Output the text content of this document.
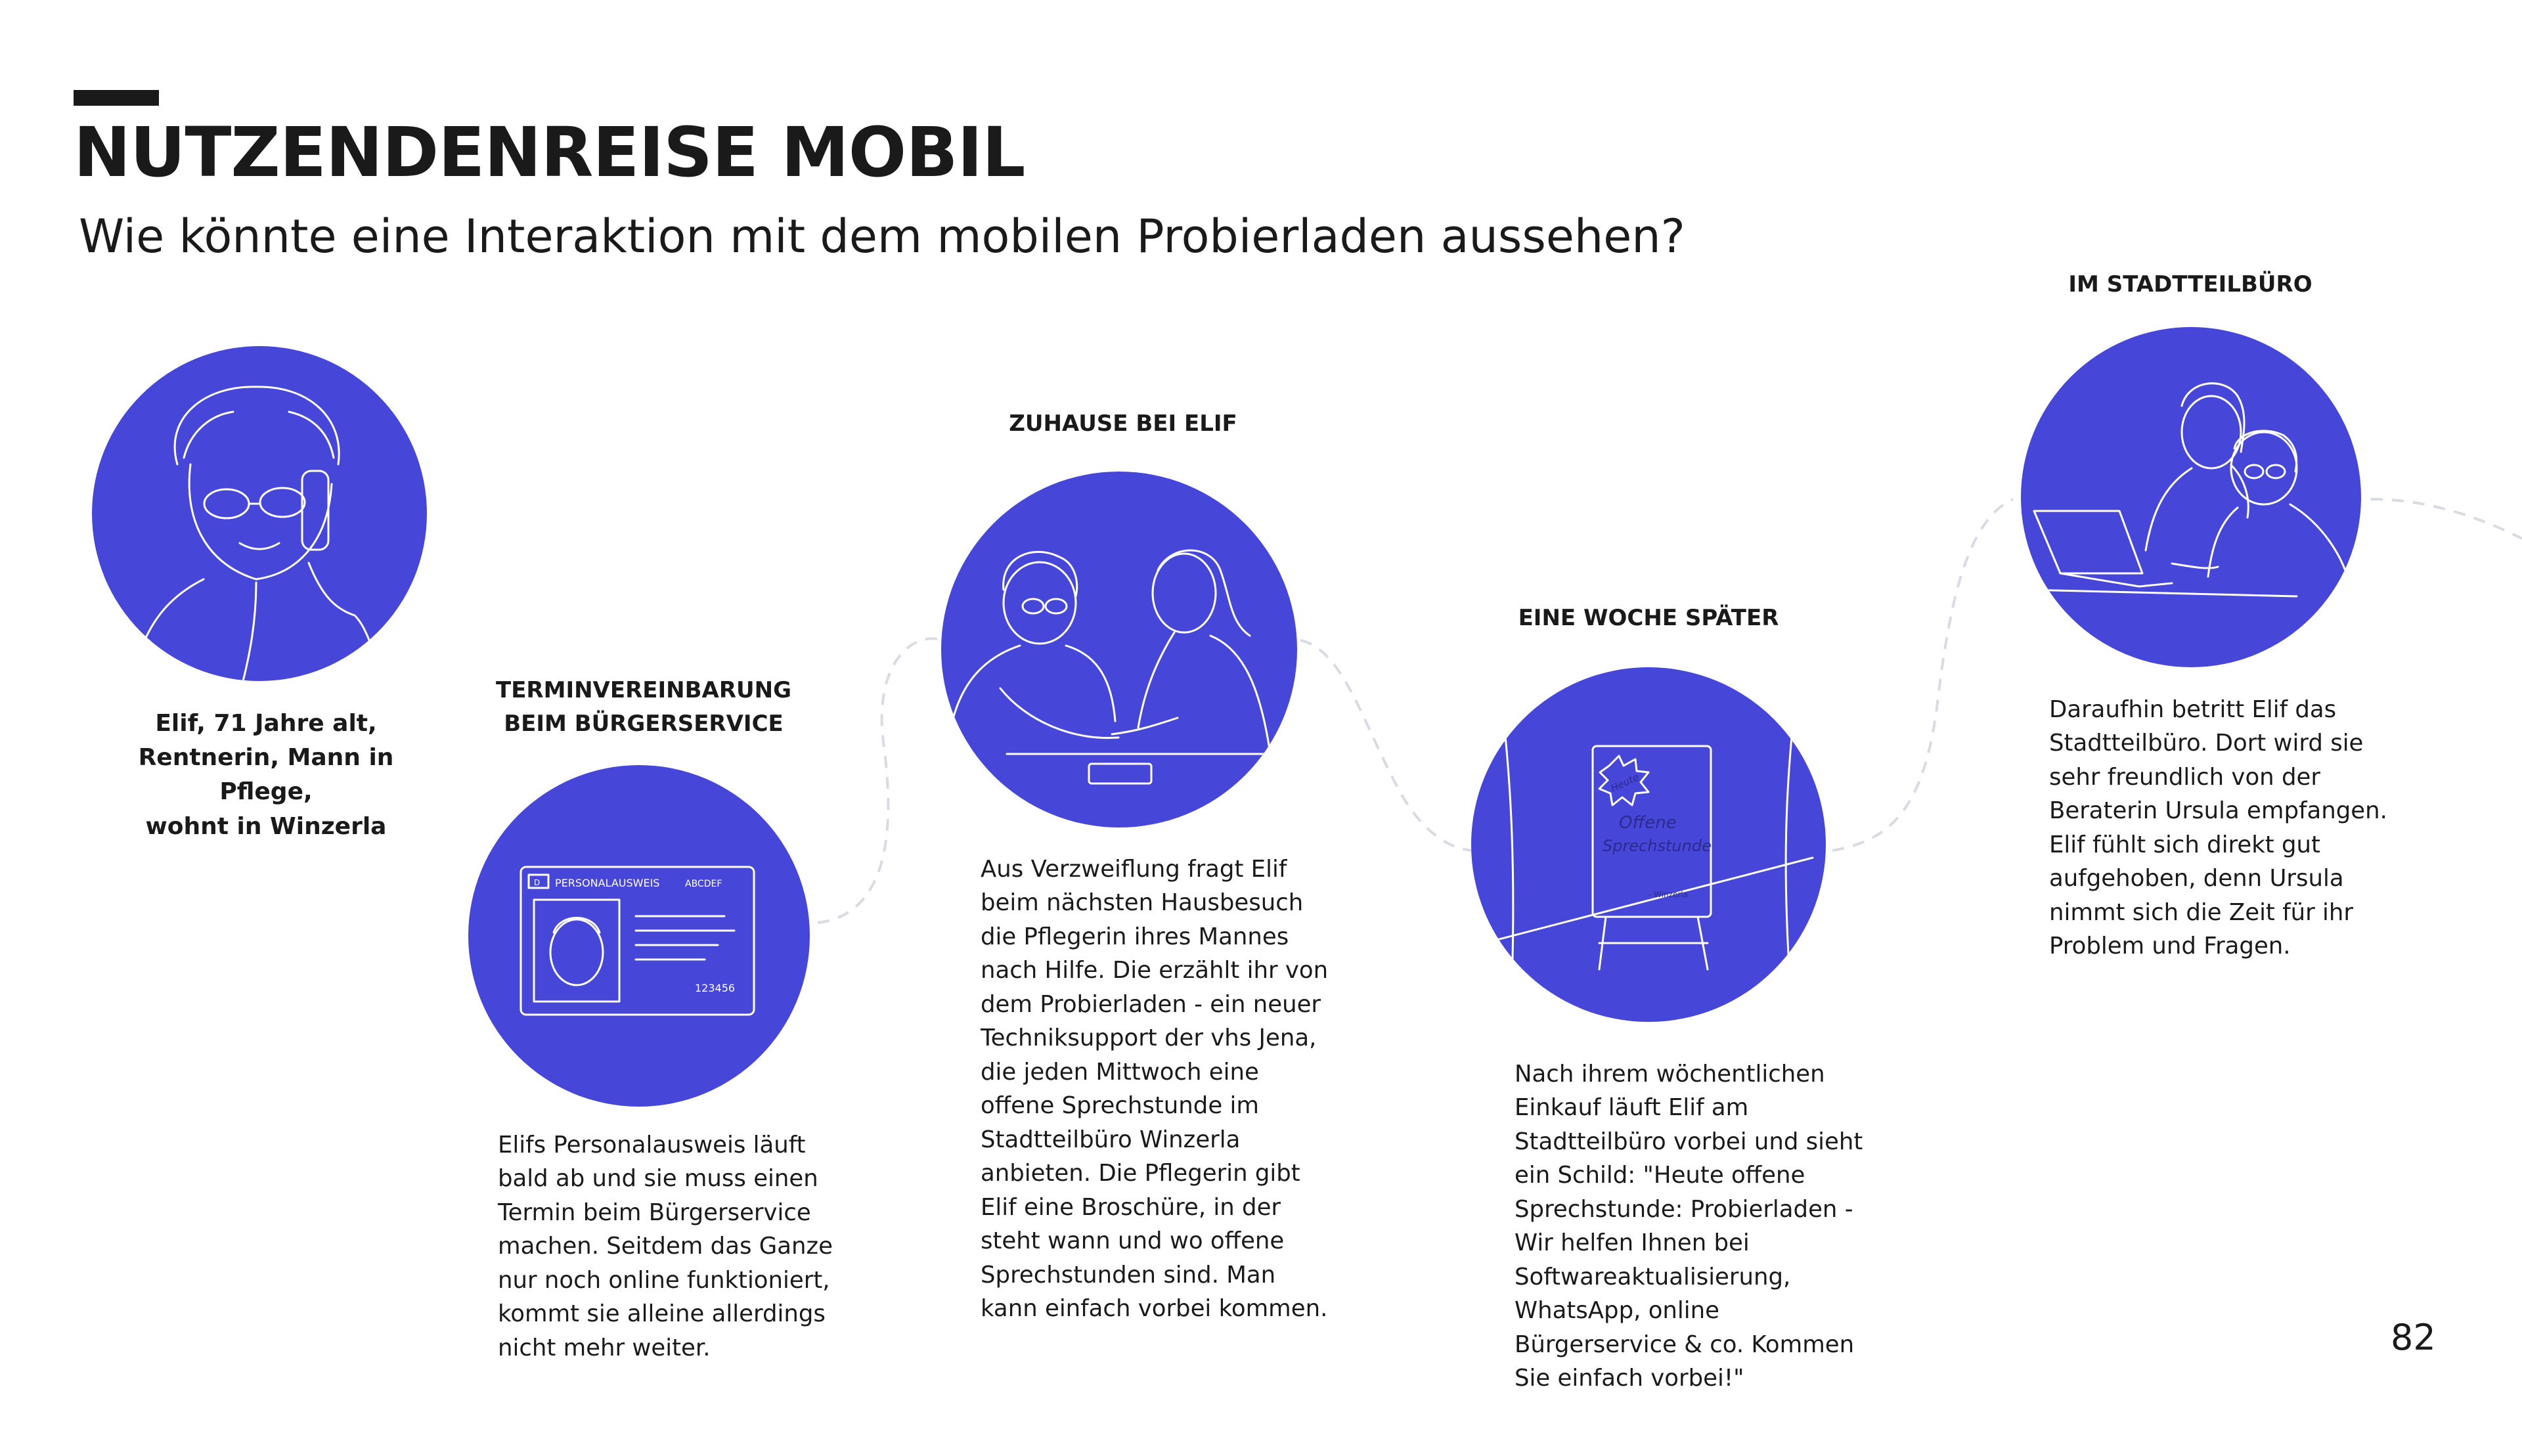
NUTZENDENREISE MOBIL
Wie könnte eine Interaktion mit dem mobilen Probierladen aussehen?

Elif, 71 Jahre alt,
Rentnerin, Mann in Pflege,
wohnt in Winzerla

TERMINVEREINBARUNG
BEIM BÜRGERSERVICE

D PERSONALAUSWEIS	ABCDEF
123456

Elifs Personalausweis läuft
bald ab und sie muss einen
Termin beim Bürgerservice
machen. Seitdem das Ganze
nur noch online funktioniert,
kommt sie alleine allerdings
nicht mehr weiter.

ZUHAUSE BEI ELIF

Aus Verzweiflung fragt Elif
beim nächsten Hausbesuch
die Pflegerin ihres Mannes
nach Hilfe. Die erzählt ihr von
dem Probierladen - ein neuer
Techniksupport der vhs Jena,
die jeden Mittwoch eine
offene Sprechstunde im
Stadtteilbüro Winzerla
anbieten. Die Pflegerin gibt
Elif eine Broschüre, in der
steht wann und wo offene
Sprechstunden sind. Man
kann einfach vorbei kommen.

EINE WOCHE SPÄTER

Heute
Offene
Sprechstunde
- Winzerla

Nach ihrem wöchentlichen
Einkauf läuft Elif am
Stadtteilbüro vorbei und sieht
ein Schild: "Heute offene
Sprechstunde: Probierladen -
Wir helfen Ihnen bei
Softwareaktualisierung,
WhatsApp, online
Bürgerservice & co. Kommen
Sie einfach vorbei!"

IM STADTTEILBÜRO

Daraufhin betritt Elif das
Stadtteilbüro. Dort wird sie
sehr freundlich von der
Beraterin Ursula empfangen.
Elif fühlt sich direkt gut
aufgehoben, denn Ursula
nimmt sich die Zeit für ihr
Problem und Fragen.

82
